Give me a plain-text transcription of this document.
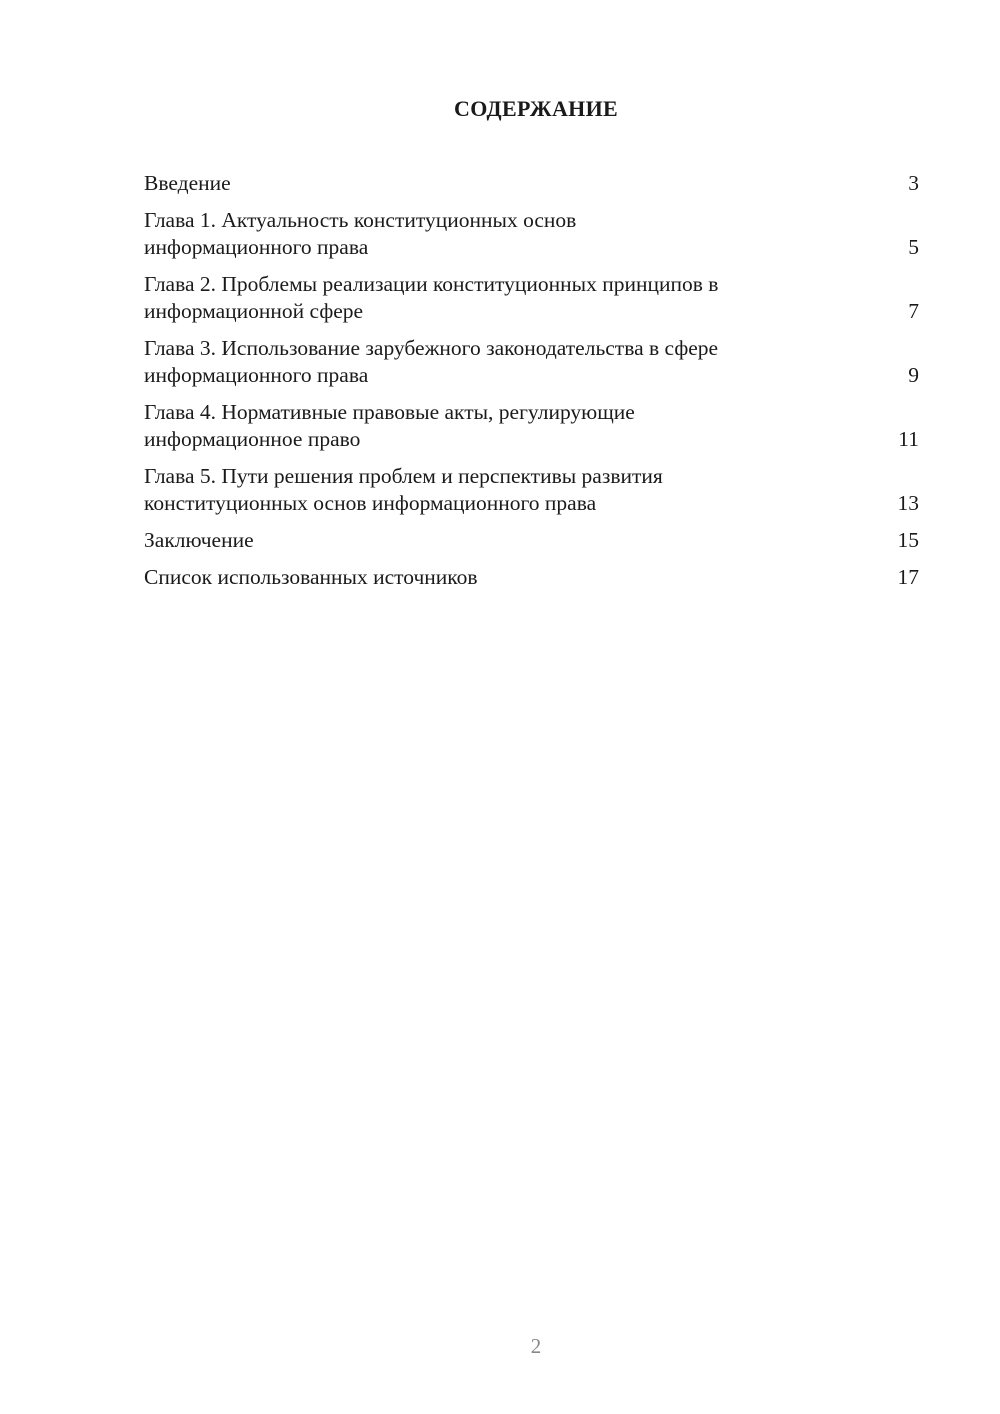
СОДЕРЖАНИЕ
Введение	3
Глава 1. Актуальность конституционных основ информационного права	5
Глава 2. Проблемы реализации конституционных принципов в информационной сфере	7
Глава 3. Использование зарубежного законодательства в сфере информационного права	9
Глава 4. Нормативные правовые акты, регулирующие информационное право	11
Глава 5. Пути решения проблем и перспективы развития конституционных основ информационного права	13
Заключение	15
Список использованных источников	17
2
